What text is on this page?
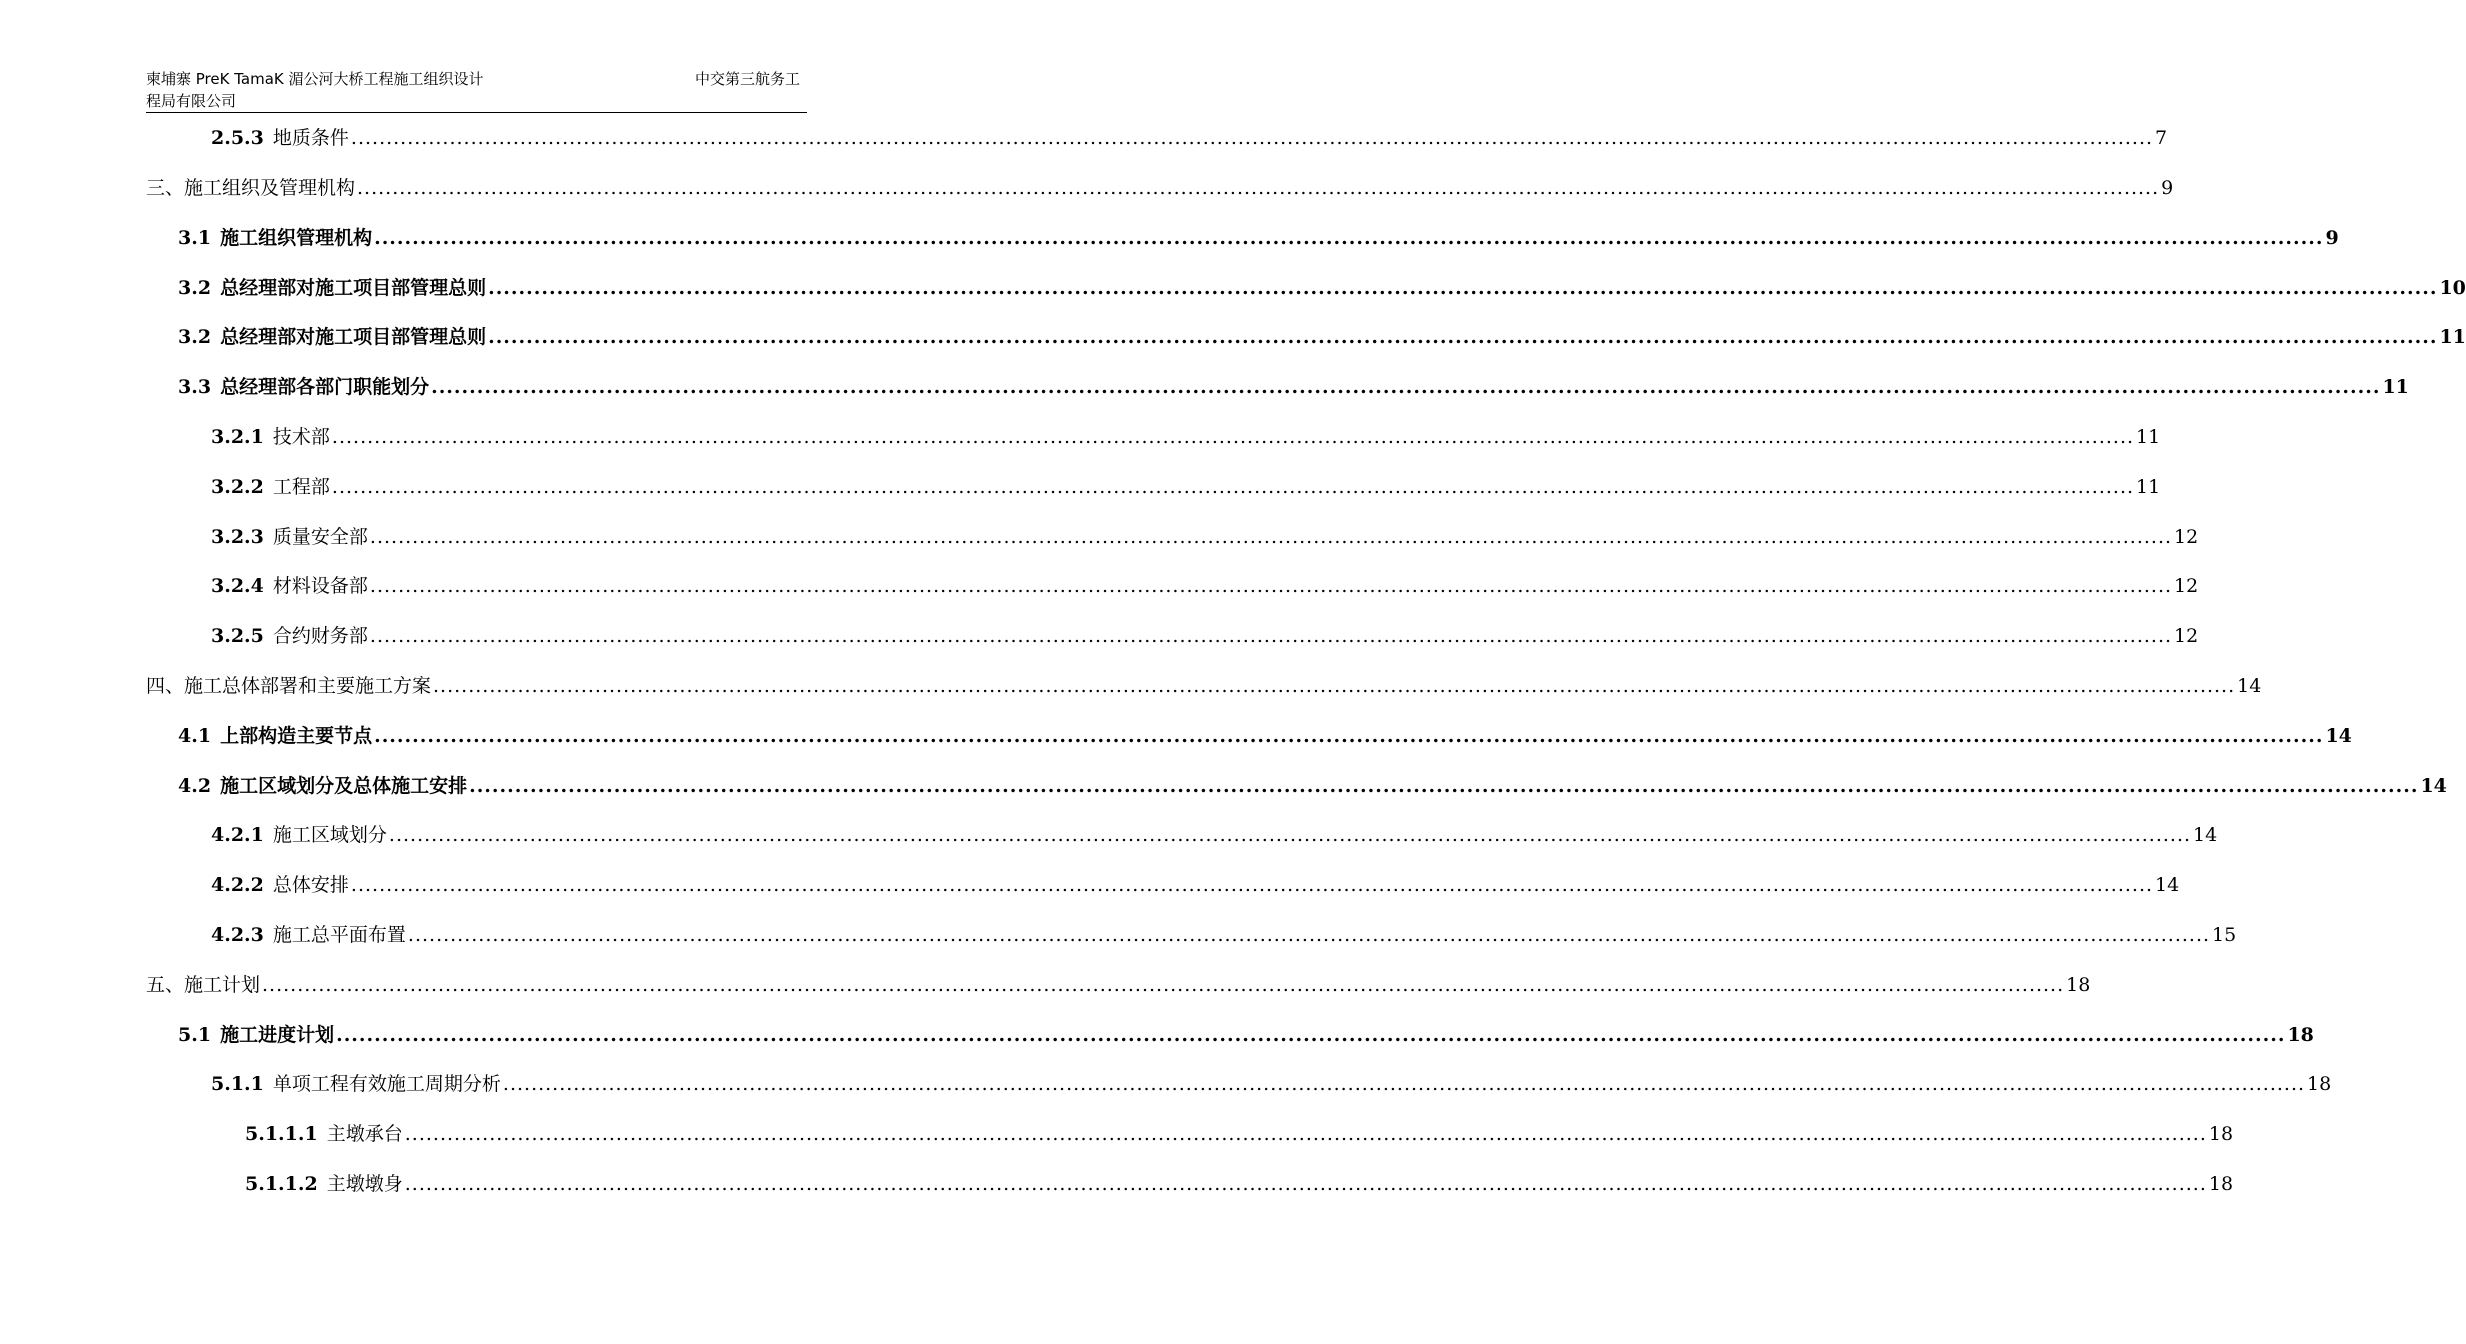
柬埔寨 PreK TamaK 湄公河大桥工程施工组织设计
程局有限公司
中交第三航务工
2.5.3 地质条件 ................................................................................................................................................................................................................................................................ 7
三、施工组织及管理机构 ................................................................................................................................................................................................................................................................ 9
3.1 施工组织管理机构 ................................................................................................................................................................................................................................................................ 9
3.2 总经理部对施工项目部管理总则 ................................................................................................................................................................................................................................................................ 10
3.2 总经理部对施工项目部管理总则 ................................................................................................................................................................................................................................................................ 11
3.3 总经理部各部门职能划分 ................................................................................................................................................................................................................................................................ 11
3.2.1 技术部 ................................................................................................................................................................................................................................................................ 11
3.2.2 工程部 ................................................................................................................................................................................................................................................................ 11
3.2.3 质量安全部 ................................................................................................................................................................................................................................................................ 12
3.2.4 材料设备部 ................................................................................................................................................................................................................................................................ 12
3.2.5 合约财务部 ................................................................................................................................................................................................................................................................ 12
四、施工总体部署和主要施工方案 ................................................................................................................................................................................................................................................................ 14
4.1 上部构造主要节点 ................................................................................................................................................................................................................................................................ 14
4.2 施工区域划分及总体施工安排 ................................................................................................................................................................................................................................................................ 14
4.2.1 施工区域划分 ................................................................................................................................................................................................................................................................ 14
4.2.2 总体安排 ................................................................................................................................................................................................................................................................ 14
4.2.3 施工总平面布置 ................................................................................................................................................................................................................................................................ 15
五、施工计划 ................................................................................................................................................................................................................................................................ 18
5.1 施工进度计划 ................................................................................................................................................................................................................................................................ 18
5.1.1 单项工程有效施工周期分析 ................................................................................................................................................................................................................................................................ 18
5.1.1.1 主墩承台 ................................................................................................................................................................................................................................................................ 18
5.1.1.2 主墩墩身 ................................................................................................................................................................................................................................................................ 18
